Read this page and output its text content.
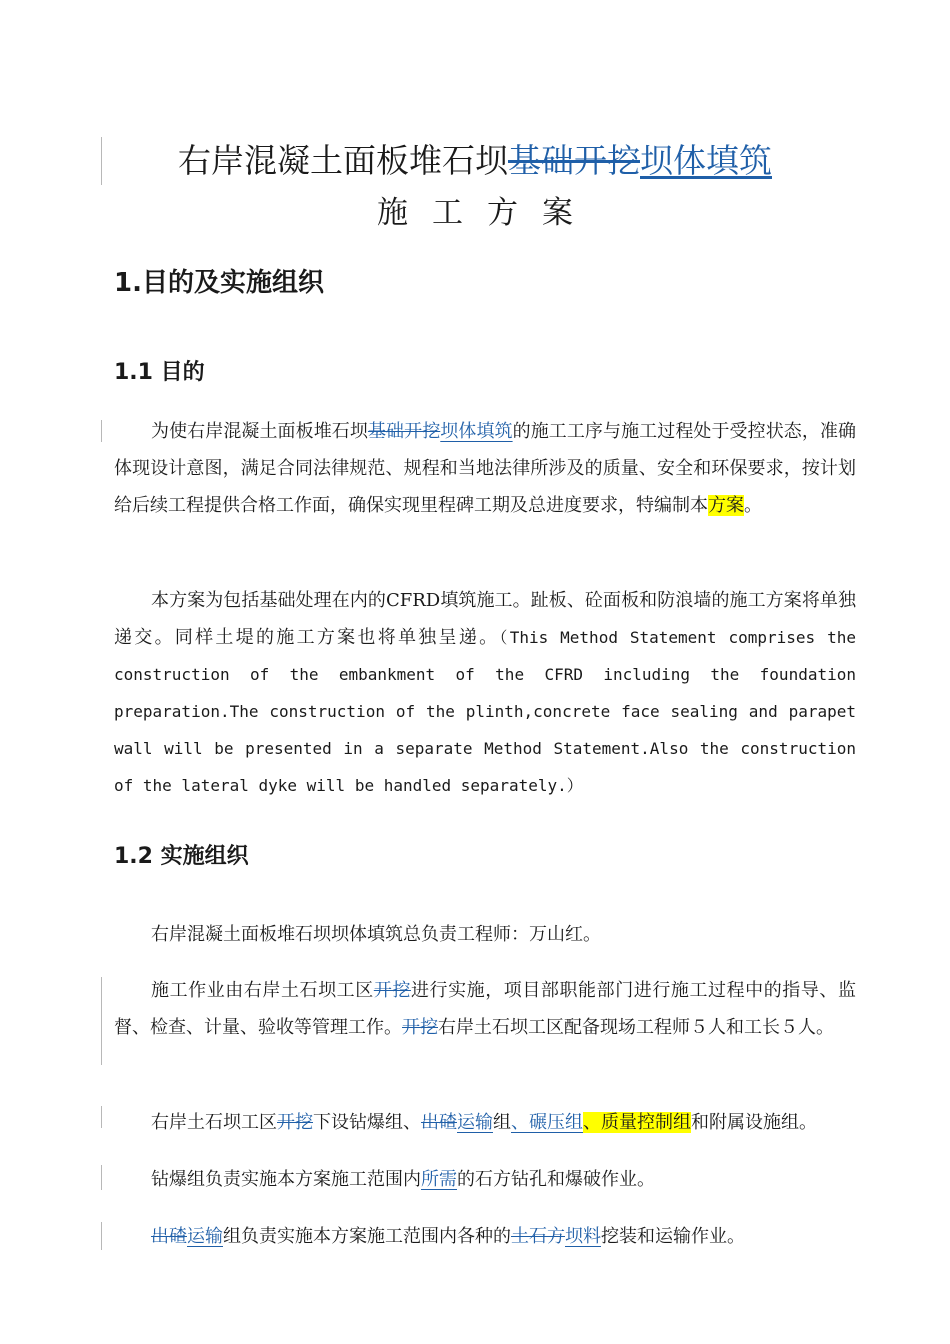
右岸混凝土面板堆石坝基础开挖坝体填筑
施工方案
1.目的及实施组织
1.1 目的
为使右岸混凝土面板堆石坝基础开挖坝体填筑的施工工序与施工过程处于受控状态，准确体现设计意图，满足合同法律规范、规程和当地法律所涉及的质量、安全和环保要求，按计划给后续工程提供合格工作面，确保实现里程碑工期及总进度要求，特编制本方案。
本方案为包括基础处理在内的CFRD填筑施工。趾板、砼面板和防浪墙的施工方案将单独递交。同样土堤的施工方案也将单独呈递。（This Method Statement comprises the construction of the embankment of the CFRD including the foundation preparation.The construction of the plinth,concrete face sealing and parapet wall will be presented in a separate Method Statement.Also the construction of the lateral dyke will be handled separately.）
1.2 实施组织
右岸混凝土面板堆石坝坝体填筑总负责工程师：万山红。
施工作业由右岸土石坝工区开挖进行实施，项目部职能部门进行施工过程中的指导、监督、检查、计量、验收等管理工作。开挖右岸土石坝工区配备现场工程师５人和工长５人。
右岸土石坝工区开挖下设钻爆组、出碴运输组、碾压组、质量控制组和附属设施组。
钻爆组负责实施本方案施工范围内所需的石方钻孔和爆破作业。
出碴运输组负责实施本方案施工范围内各种的土石方坝料挖装和运输作业。
